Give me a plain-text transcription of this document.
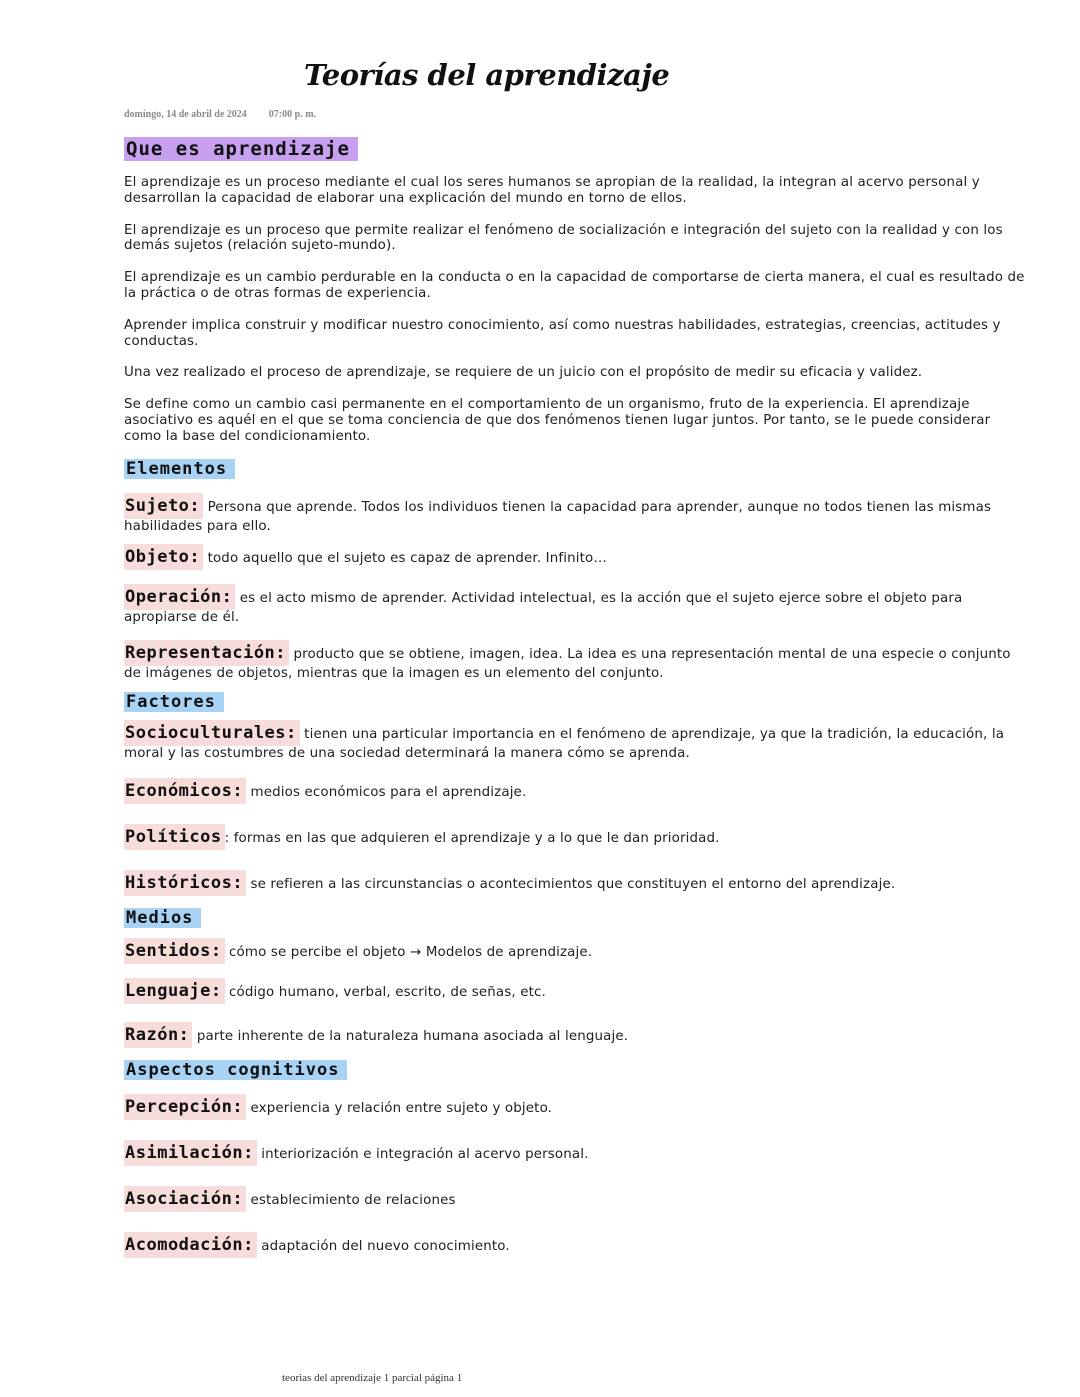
Teorías del aprendizaje
domingo, 14 de abril de 2024 07:00 p. m.
Que es aprendizaje

El aprendizaje es un proceso mediante el cual los seres humanos se apropian de la realidad, la integran al acervo personal y desarrollan la capacidad de elaborar una explicación del mundo en torno de ellos.

El aprendizaje es un proceso que permite realizar el fenómeno de socialización e integración del sujeto con la realidad y con los demás sujetos (relación sujeto-mundo).

El aprendizaje es un cambio perdurable en la conducta o en la capacidad de comportarse de cierta manera, el cual es resultado de la práctica o de otras formas de experiencia.

Aprender implica construir y modificar nuestro conocimiento, así como nuestras habilidades, estrategias, creencias, actitudes y conductas.

Una vez realizado el proceso de aprendizaje, se requiere de un juicio con el propósito de medir su eficacia y validez.

Se define como un cambio casi permanente en el comportamiento de un organismo, fruto de la experiencia. El aprendizaje asociativo es aquél en el que se toma conciencia de que dos fenómenos tienen lugar juntos. Por tanto, se le puede considerar como la base del condicionamiento.

Elementos
Sujeto: Persona que aprende. Todos los individuos tienen la capacidad para aprender, aunque no todos tienen las mismas habilidades para ello.
Objeto: todo aquello que el sujeto es capaz de aprender. Infinito…
Operación: es el acto mismo de aprender. Actividad intelectual, es la acción que el sujeto ejerce sobre el objeto para apropiarse de él.
Representación: producto que se obtiene, imagen, idea. La idea es una representación mental de una especie o conjunto de imágenes de objetos, mientras que la imagen es un elemento del conjunto.
Factores
Socioculturales: tienen una particular importancia en el fenómeno de aprendizaje, ya que la tradición, la educación, la moral y las costumbres de una sociedad determinará la manera cómo se aprenda.
Económicos: medios económicos para el aprendizaje.
Políticos : formas en las que adquieren el aprendizaje y a lo que le dan prioridad.
Históricos: se refieren a las circunstancias o acontecimientos que constituyen el entorno del aprendizaje.
Medios
Sentidos: cómo se percibe el objeto → Modelos de aprendizaje.
Lenguaje: código humano, verbal, escrito, de señas, etc.
Razón: parte inherente de la naturaleza humana asociada al lenguaje.
Aspectos cognitivos
Percepción: experiencia y relación entre sujeto y objeto.
Asimilación: interiorización e integración al acervo personal.
Asociación: establecimiento de relaciones
Acomodación: adaptación del nuevo conocimiento.
teorias del aprendizaje 1 parcial página 1
